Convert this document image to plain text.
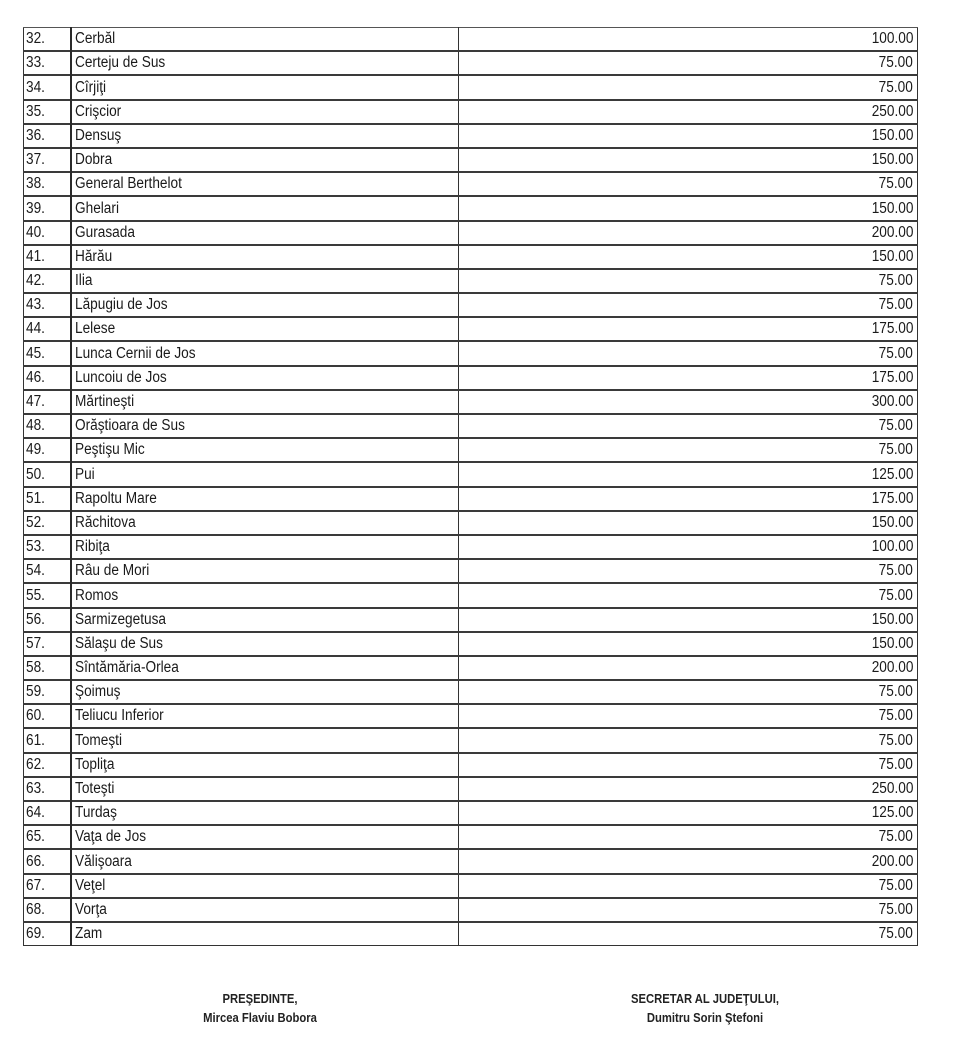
32.	Cerbăl	100.00
33.	Certeju de Sus	75.00
34.	Cîrjiţi	75.00
35.	Crişcior	250.00
36.	Densuş	150.00
37.	Dobra	150.00
38.	General Berthelot	75.00
39.	Ghelari	150.00
40.	Gurasada	200.00
41.	Hărău	150.00
42.	Ilia	75.00
43.	Lăpugiu de Jos	75.00
44.	Lelese	175.00
45.	Lunca Cernii de Jos	75.00
46.	Luncoiu de Jos	175.00
47.	Mărtineşti	300.00
48.	Orăştioara de Sus	75.00
49.	Peştişu Mic	75.00
50.	Pui	125.00
51.	Rapoltu Mare	175.00
52.	Răchitova	150.00
53.	Ribiţa	100.00
54.	Râu de Mori	75.00
55.	Romos	75.00
56.	Sarmizegetusa	150.00
57.	Sălaşu de Sus	150.00
58.	Sîntămăria-Orlea	200.00
59.	Şoimuş	75.00
60.	Teliucu Inferior	75.00
61.	Tomeşti	75.00
62.	Topliţa	75.00
63.	Toteşti	250.00
64.	Turdaş	125.00
65.	Vaţa de Jos	75.00
66.	Vălişoara	200.00
67.	Veţel	75.00
68.	Vorţa	75.00
69.	Zam	75.00
PREŞEDINTE,
Mircea Flaviu Bobora
SECRETAR AL JUDEŢULUI,
Dumitru Sorin Ştefoni
